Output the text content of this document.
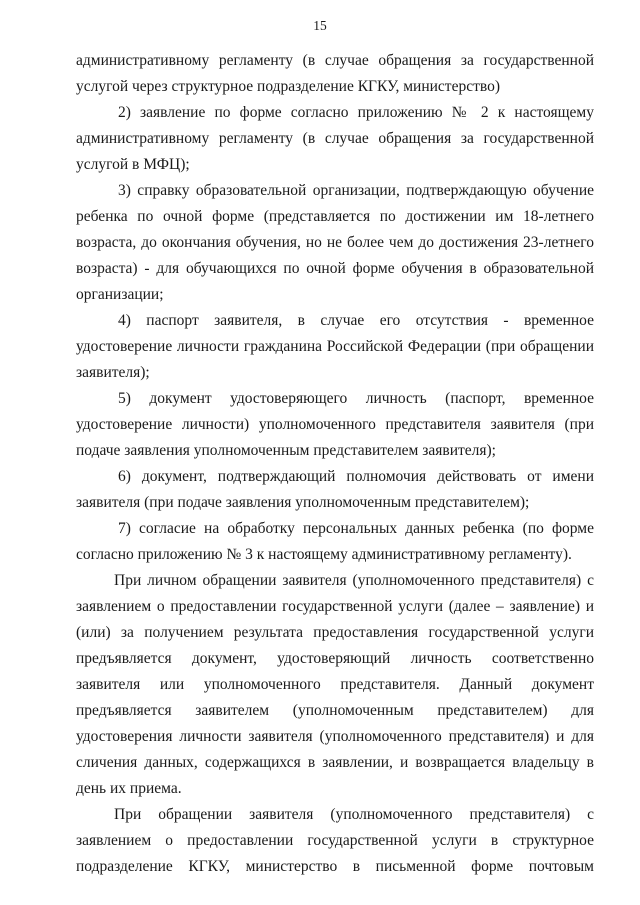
15

административному регламенту (в случае обращения за государственной услугой через структурное подразделение КГКУ, министерство)

2) заявление по форме согласно приложению № 2 к настоящему административному регламенту (в случае обращения за государственной услугой в МФЦ);

3) справку образовательной организации, подтверждающую обучение ребенка по очной форме (представляется по достижении им 18-летнего возраста, до окончания обучения, но не более чем до достижения 23-летнего возраста) - для обучающихся по очной форме обучения в образовательной организации;

4) паспорт заявителя, в случае его отсутствия - временное удостоверение личности гражданина Российской Федерации (при обращении заявителя);

5) документ удостоверяющего личность (паспорт, временное удостоверение личности) уполномоченного представителя заявителя (при подаче заявления уполномоченным представителем заявителя);

6) документ, подтверждающий полномочия действовать от имени заявителя (при подаче заявления уполномоченным представителем);

7) согласие на обработку персональных данных ребенка (по форме согласно приложению № 3 к настоящему административному регламенту).

При личном обращении заявителя (уполномоченного представителя) с заявлением о предоставлении государственной услуги (далее – заявление) и (или) за получением результата предоставления государственной услуги предъявляется документ, удостоверяющий личность соответственно заявителя или уполномоченного представителя. Данный документ предъявляется заявителем (уполномоченным представителем) для удостоверения личности заявителя (уполномоченного представителя) и для сличения данных, содержащихся в заявлении, и возвращается владельцу в день их приема.

При обращении заявителя (уполномоченного представителя) с заявлением о предоставлении государственной услуги в структурное подразделение КГКУ, министерство в письменной форме почтовым
